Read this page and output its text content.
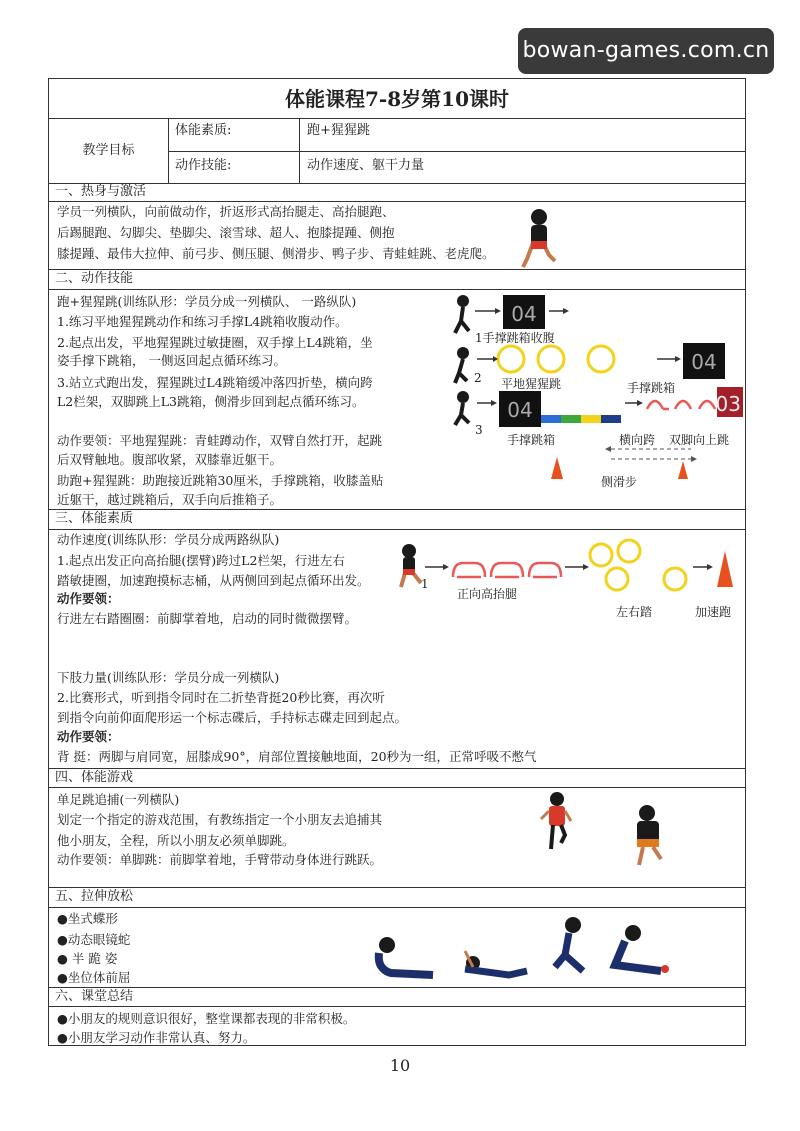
bowan-games.com.cn
体能课程7-8岁第10课时
教学目标
体能素质:	跑+猩猩跳
动作技能:	动作速度、躯干力量
一、热身与激活
学员一列横队，向前做动作，折返形式高抬腿走、高抬腿跑、
后踢腿跑、勾脚尖、垫脚尖、滚雪球、超人、抱膝提踵、侧抱
膝提踵、最伟大拉伸、前弓步、侧压腿、侧滑步、鸭子步、青蛙蛙跳、老虎爬。
二、动作技能
跑+猩猩跳(训练队形：学员分成一列横队、 一路纵队)
1.练习平地猩猩跳动作和练习手撑L4跳箱收腹动作。
2.起点出发，平地猩猩跳过敏捷圈，双手撑上L4跳箱，坐
姿手撑下跳箱， 一侧返回起点循环练习。
3.站立式跑出发，猩猩跳过L4跳箱缓冲落四折垫，横向跨
L2栏架，双脚跳上L3跳箱，侧滑步回到起点循环练习。
动作要领：平地猩猩跳：青蛙蹲动作，双臂自然打开，起跳
后双臂触地。腹部收紧，双膝靠近躯干。
助跑+猩猩跳：助跑接近跳箱30厘米，手撑跳箱，收膝盖贴
近躯干，越过跳箱后，双手向后推箱子。
04
04
04	03
1手撑跳箱收腹
2 平地猩猩跳	手撑跳箱
3
手撑跳箱	横向跨 双脚向上跳
侧滑步
三、体能素质
动作速度(训练队形：学员分成两路纵队)
1.起点出发正向高抬腿(摆臂)跨过L2栏架，行进左右
踏敏捷圈，加速跑摸标志桶，从两侧回到起点循环出发。
动作要领：
行进左右踏圈圈：前脚掌着地，启动的同时微微摆臂。
下肢力量(训练队形：学员分成一列横队)
2.比赛形式，听到指令同时在二折垫背挺20秒比赛，再次听
到指令向前仰面爬形运一个标志碟后，手持标志碟走回到起点。
动作要领：
背 挺：两脚与肩同宽，屈膝成90°，肩部位置接触地面，20秒为一组，正常呼吸不憋气
1
正向高抬腿
左右踏	加速跑
四、体能游戏
单足跳追捕(一列横队)
划定一个指定的游戏范围，有教练指定一个小朋友去追捕其
他小朋友，全程，所以小朋友必须单脚跳。
动作要领：单脚跳：前脚掌着地，手臂带动身体进行跳跃。
五、拉伸放松
●坐式蝶形
●动态眼镜蛇
● 半 跪 姿
●坐位体前屈
六、课堂总结
●小朋友的规则意识很好，整堂课都表现的非常积极。
●小朋友学习动作非常认真、努力。
10
